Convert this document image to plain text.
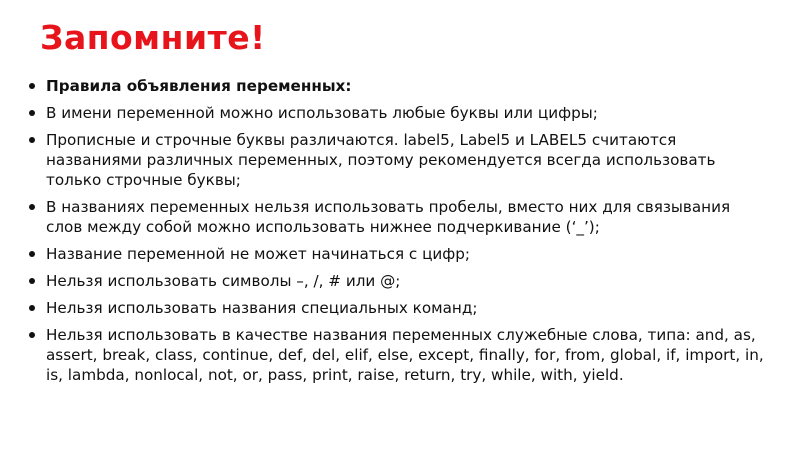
Запомните!
Правила объявления переменных:
В имени переменной можно использовать любые буквы или цифры;
Прописные и строчные буквы различаются. label5, Label5 и LABEL5 считаются названиями различных переменных, поэтому рекомендуется всегда использовать только строчные буквы;
В названиях переменных нельзя использовать пробелы, вместо них для связывания слов между собой можно использовать нижнее подчеркивание (‘_’);
Название переменной не может начинаться с цифр;
Нельзя использовать символы –, /, # или @;
Нельзя использовать названия специальных команд;
Нельзя использовать в качестве названия переменных служебные слова, типа: and, as, assert, break, class, continue, def, del, elif, else, except, finally, for, from, global, if, import, in, is, lambda, nonlocal, not, or, pass, print, raise, return, try, while, with, yield.
